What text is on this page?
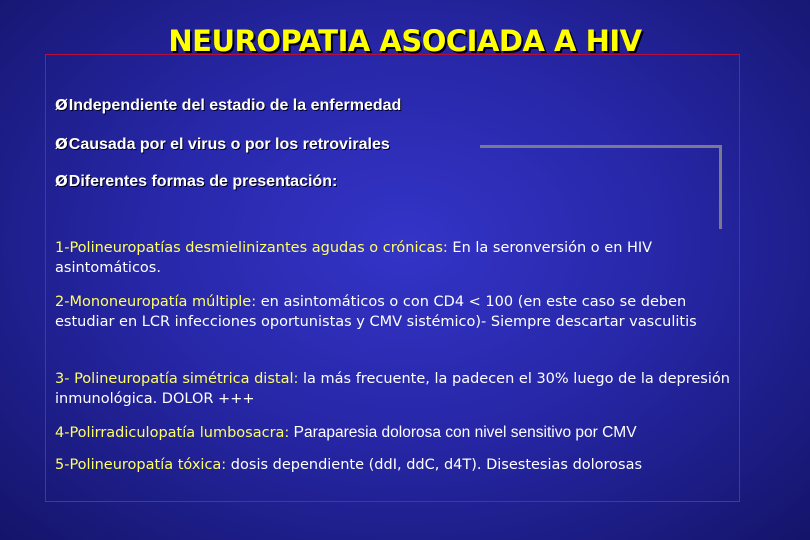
NEUROPATIA ASOCIADA A HIV
ØIndependiente del estadio de la enfermedad
ØCausada por el virus o por los retrovirales
ØDiferentes formas de presentación:

1-Polineuropatías desmielinizantes agudas o crónicas: En la seronversión o en HIV asintomáticos.

2-Mononeuropatía múltiple: en asintomáticos o con CD4 < 100 (en este caso se deben estudiar en LCR infecciones oportunistas y CMV sistémico)- Siempre descartar vasculitis

3- Polineuropatía simétrica distal: la más frecuente, la padecen el 30% luego de la depresión inmunológica. DOLOR +++

4-Polirradiculopatía lumbosacra: Paraparesia dolorosa con nivel sensitivo por CMV

5-Polineuropatía tóxica: dosis dependiente (ddI, ddC, d4T). Disestesias dolorosas
